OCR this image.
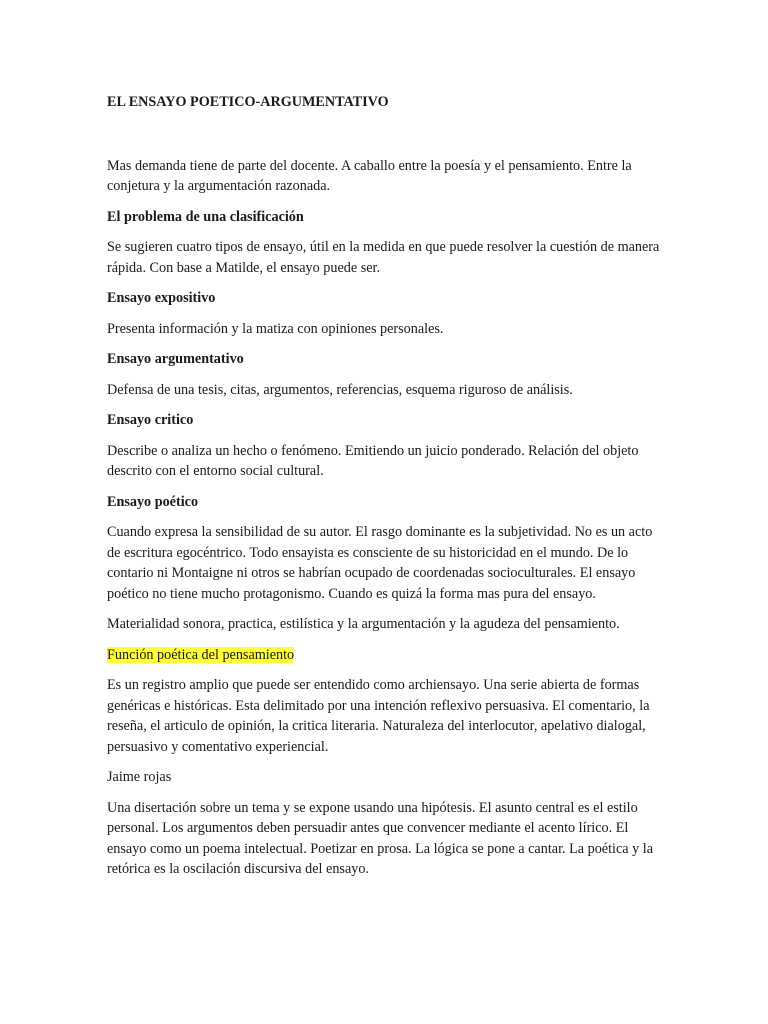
EL ENSAYO POETICO-ARGUMENTATIVO

Mas demanda tiene de parte del docente. A caballo entre la poesía y el pensamiento. Entre la conjetura y la argumentación razonada.

El problema de una clasificación

Se sugieren cuatro tipos de ensayo, útil en la medida en que puede resolver la cuestión de manera rápida. Con base a Matilde, el ensayo puede ser.

Ensayo expositivo

Presenta información y la matiza con opiniones personales.

Ensayo argumentativo

Defensa de una tesis, citas, argumentos, referencias, esquema riguroso de análisis.

Ensayo critico

Describe o analiza un hecho o fenómeno. Emitiendo un juicio ponderado. Relación del objeto descrito con el entorno social cultural.

Ensayo poético

Cuando expresa la sensibilidad de su autor. El rasgo dominante es la subjetividad. No es un acto de escritura egocéntrico. Todo ensayista es consciente de su historicidad en el mundo. De lo contario ni Montaigne ni otros se habrían ocupado de coordenadas socioculturales. El ensayo poético no tiene mucho protagonismo. Cuando es quizá la forma mas pura del ensayo.

Materialidad sonora, practica, estilística y la argumentación y la agudeza del pensamiento.

Función poética del pensamiento

Es un registro amplio que puede ser entendido como archiensayo. Una serie abierta de formas genéricas e históricas. Esta delimitado por una intención reflexivo persuasiva. El comentario, la reseña, el articulo de opinión, la critica literaria. Naturaleza del interlocutor, apelativo dialogal, persuasivo y comentativo experiencial.

Jaime rojas

Una disertación sobre un tema y se expone usando una hipótesis. El asunto central es el estilo personal. Los argumentos deben persuadir antes que convencer mediante el acento lírico. El ensayo como un poema intelectual. Poetizar en prosa. La lógica se pone a cantar. La poética y la retórica es la oscilación discursiva del ensayo.
